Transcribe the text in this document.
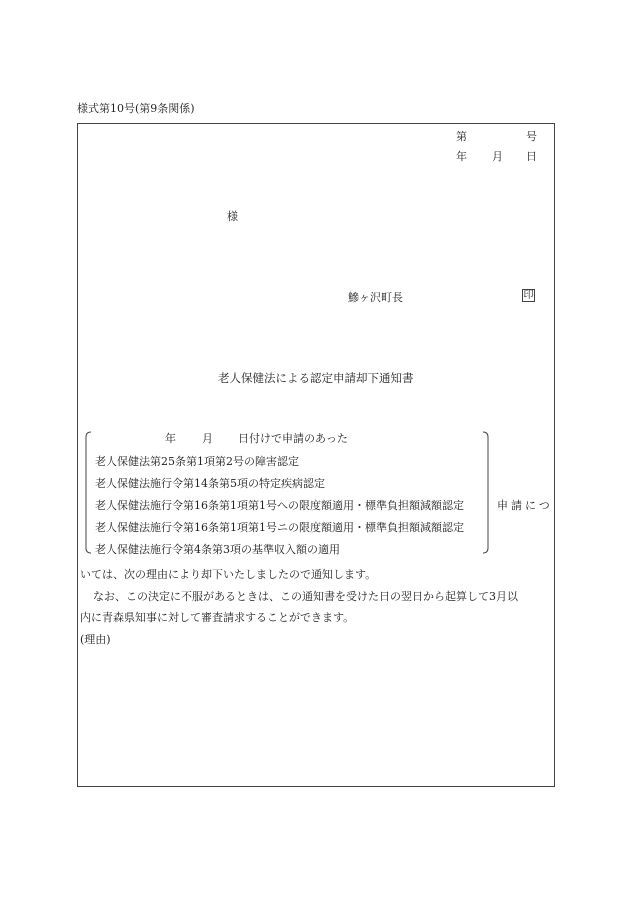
様式第10号(第9条関係)
第	号
年 月 日
様
鰺ヶ沢町長	印
老人保健法による認定申請却下通知書
年 月 日付けで申請のあった
老人保健法第25条第1項第2号の障害認定
老人保健法施行令第14条第5項の特定疾病認定
老人保健法施行令第16条第1項第1号への限度額適用・標準負担額減額認定
老人保健法施行令第16条第1項第1号ニの限度額適用・標準負担額減額認定
老人保健法施行令第4条第3項の基準収入額の適用
申請につ
いては、次の理由により却下いたしましたので通知します。
なお、この決定に不服があるときは、この通知書を受けた日の翌日から起算して3月以
内に青森県知事に対して審査請求することができます。
(理由)
